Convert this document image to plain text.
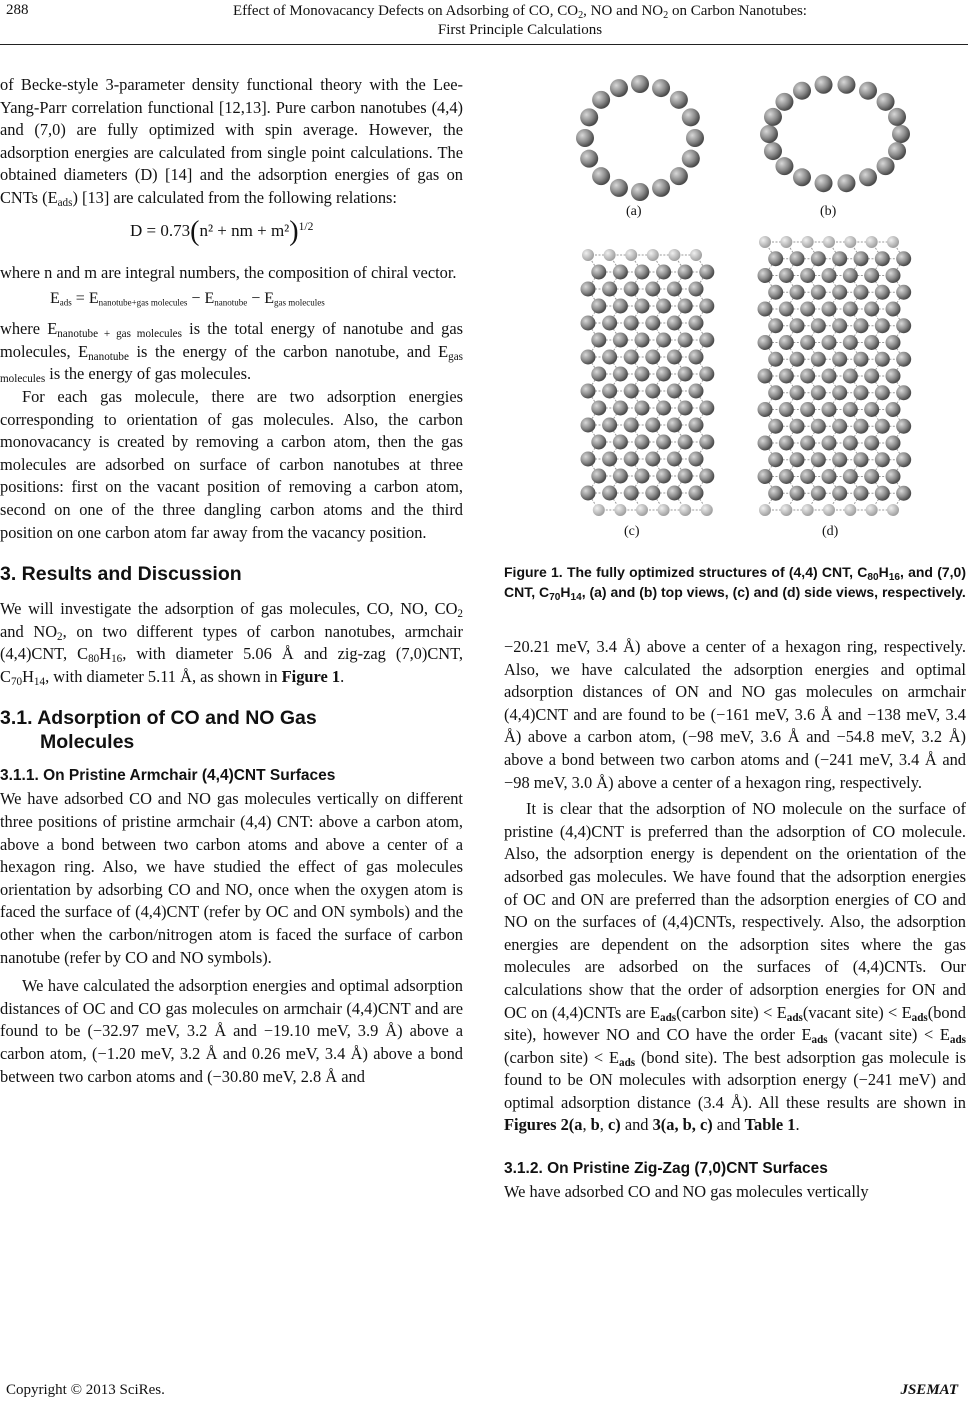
288	Effect of Monovacancy Defects on Adsorbing of CO, $CO_2$, NO and $NO_2$ on Carbon Nanotubes:
First Principle Calculations

of Becke-style 3-parameter density functional theory with the Lee-Yang-Parr correlation functional [12,13]. Pure carbon nanotubes (4,4) and (7,0) are fully optimized with spin average. However, the adsorption energies are calculated from single point calculations. The obtained diameters (D) [14] and the adsorption energies of gas on CNTs $(E_{ads})$ [13] are calculated from the following relations:

D = 0.73(n² + nm + m²)$^{1/2}$

where n and m are integral numbers, the composition of chiral vector.

$E_{ads} = E_{nanotube+gas molecules} - E_{nanotube} - E_{gas molecules}$

where $E_{nanotube + gas molecules}$ is the total energy of nanotube and gas molecules, $E_{nanotube}$ is the energy of the carbon nanotube, and $E_{gas molecules}$ is the energy of gas molecules.

For each gas molecule, there are two adsorption energies corresponding to orientation of gas molecules. Also, the carbon monovacancy is created by removing a carbon atom, then the gas molecules are adsorbed on surface of carbon nanotubes at three positions: first on the vacant position of removing a carbon atom, second on one of the three dangling carbon atoms and the third position on one carbon atom far away from the vacancy position.

3. Results and Discussion

We will investigate the adsorption of gas molecules, CO, NO, $CO_2$ and $NO_2$, on two different types of carbon nanotubes, armchair (4,4)CNT, $C_{80}H_{16}$, with diameter 5.06 Å and zig-zag (7,0)CNT, $C_{70}H_{14}$, with diameter 5.11 Å, as shown in Figure 1.

3.1. Adsorption of CO and NO Gas
Molecules
3.1.1. On Pristine Armchair (4,4)CNT Surfaces

We have adsorbed CO and NO gas molecules vertically on different three positions of pristine armchair (4,4) CNT: above a carbon atom, above a bond between two carbon atoms and above a center of a hexagon ring. Also, we have studied the effect of gas molecules orientation by adsorbing CO and NO, once when the oxygen atom is faced the surface of (4,4)CNT (refer by OC and ON symbols) and the other when the carbon/nitrogen atom is faced the surface of carbon nanotube (refer by CO and NO symbols).

We have calculated the adsorption energies and optimal adsorption distances of OC and CO gas molecules on armchair (4,4)CNT and are found to be (−32.97 meV, 3.2 Å and −19.10 meV, 3.9 Å) above a carbon atom, (−1.20 meV, 3.2 Å and 0.26 meV, 3.4 Å) above a bond between two carbon atoms and (−30.80 meV, 2.8 Å and

(a)	(b)
(c)	(d)
Figure 1. The fully optimized structures of (4,4) CNT, $C_{80}H_{16}$, and (7,0) CNT, $C_{70}H_{14}$, (a) and (b) top views, (c) and (d) side views, respectively.

−20.21 meV, 3.4 Å) above a center of a hexagon ring, respectively. Also, we have calculated the adsorption energies and optimal adsorption distances of ON and NO gas molecules on armchair (4,4)CNT and are found to be (−161 meV, 3.6 Å and −138 meV, 3.4 Å) above a carbon atom, (−98 meV, 3.6 Å and −54.8 meV, 3.2 Å) above a bond between two carbon atoms and (−241 meV, 3.4 Å and −98 meV, 3.0 Å) above a center of a hexagon ring, respectively.

It is clear that the adsorption of NO molecule on the surface of pristine (4,4)CNT is preferred than the adsorption of CO molecule. Also, the adsorption energy is dependent on the orientation of the adsorbed gas molecules. We have found that the adsorption energies of OC and ON are preferred than the adsorption energies of CO and NO on the surfaces of (4,4)CNTs, respectively. Also, the adsorption energies are dependent on the adsorption sites where the gas molecules are adsorbed on the surfaces of (4,4)CNTs. Our calculations show that the order of adsorption energies for ON and OC on (4,4)CNTs are $E_{ads}(carbon$ site) < $E_{ads}(vacant$ site) < $E_{ads}(bond$ site), however NO and CO have the order $E_{ads}$ (vacant site) < $E_{ads}$ (carbon site) < $E_{ads}$ (bond site). The best adsorption gas molecule is found to be ON molecules with adsorption energy (−241 meV) and optimal adsorption distance (3.4 Å). All these results are shown in Figures 2(a, b, c) and 3(a, b, c) and Table 1.

3.1.2. On Pristine Zig-Zag (7,0)CNT Surfaces

We have adsorbed CO and NO gas molecules vertically

Copyright © 2013 SciRes.	JSEMAT
